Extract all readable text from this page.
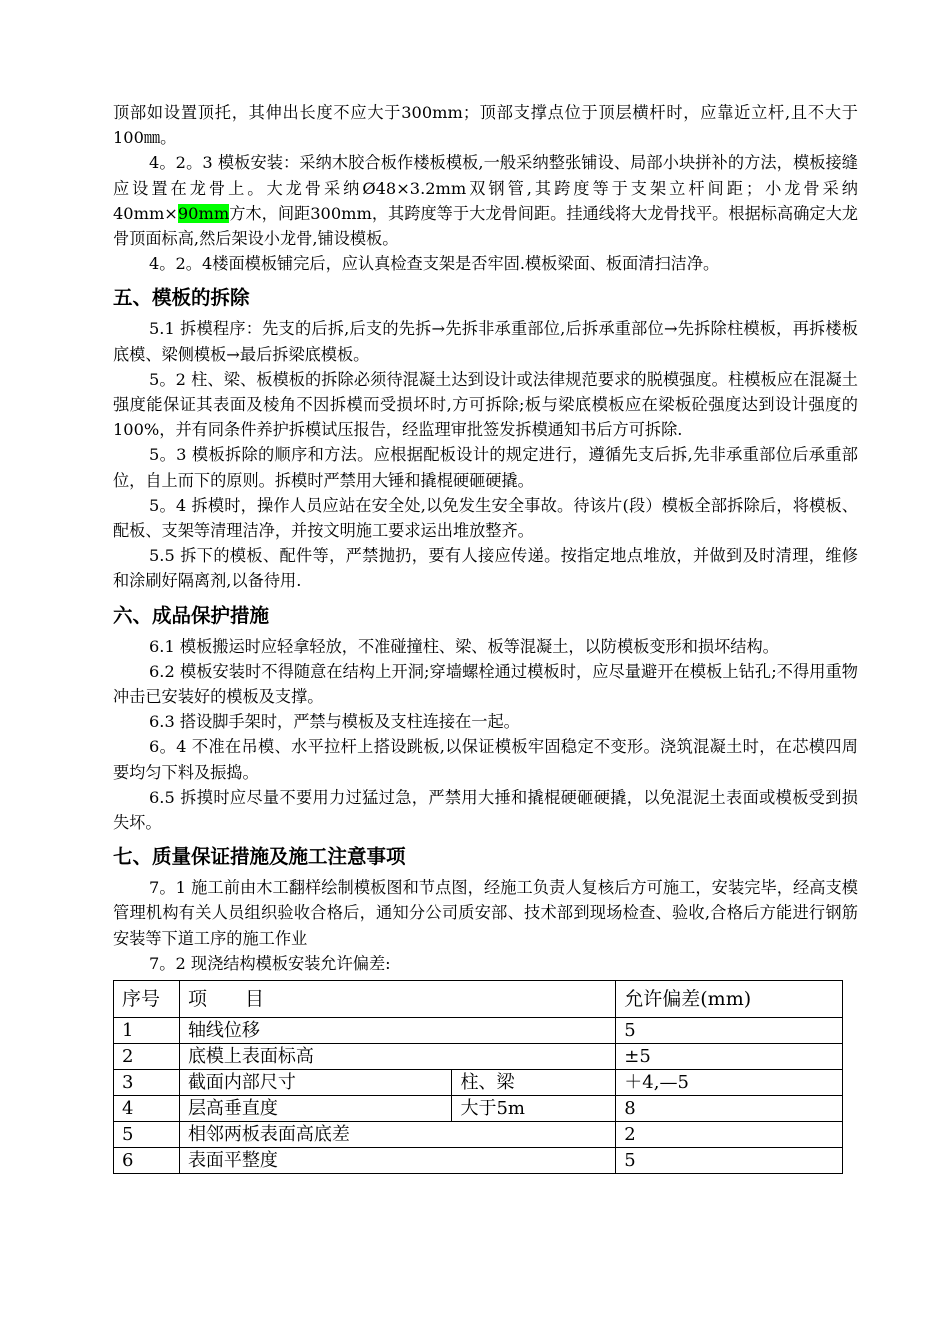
顶部如设置顶托，其伸出长度不应大于300mm；顶部支撑点位于顶层横杆时，应靠近立杆,且不大于100㎜。

4。2。3 模板安装：采纳木胶合板作楼板模板,一般采纳整张铺设、局部小块拼补的方法，模板接缝应设置在龙骨上。大龙骨采纳Ø48×3.2mm双钢管,其跨度等于支架立杆间距；小龙骨采纳40mm×90mm方木，间距300mm，其跨度等于大龙骨间距。挂通线将大龙骨找平。根据标高确定大龙骨顶面标高,然后架设小龙骨,铺设模板。

4。2。4楼面模板铺完后，应认真检查支架是否牢固.模板梁面、板面清扫洁净。

五、模板的拆除

5.1 拆模程序：先支的后拆,后支的先拆→先拆非承重部位,后拆承重部位→先拆除柱模板，再拆楼板底模、梁侧模板→最后拆梁底模板。

5。2 柱、梁、板模板的拆除必须待混凝土达到设计或法律规范要求的脱模强度。柱模板应在混凝土强度能保证其表面及棱角不因拆模而受损坏时,方可拆除;板与梁底模板应在梁板砼强度达到设计强度的100%，并有同条件养护拆模试压报告，经监理审批签发拆模通知书后方可拆除.

5。3 模板拆除的顺序和方法。应根据配板设计的规定进行，遵循先支后拆,先非承重部位后承重部位，自上而下的原则。拆模时严禁用大锤和撬棍硬砸硬撬。

5。4 拆模时，操作人员应站在安全处,以免发生安全事故。待该片(段）模板全部拆除后，将模板、配板、支架等清理洁净，并按文明施工要求运出堆放整齐。

5.5 拆下的模板、配件等，严禁抛扔，要有人接应传递。按指定地点堆放，并做到及时清理，维修和涂刷好隔离剂,以备待用.

六、成品保护措施

6.1 模板搬运时应轻拿轻放，不准碰撞柱、梁、板等混凝土，以防模板变形和损坏结构。

6.2 模板安装时不得随意在结构上开洞;穿墙螺栓通过模板时，应尽量避开在模板上钻孔;不得用重物冲击已安装好的模板及支撑。

6.3 搭设脚手架时，严禁与模板及支柱连接在一起。

6。4 不准在吊模、水平拉杆上搭设跳板,以保证模板牢固稳定不变形。浇筑混凝土时，在芯模四周要均匀下料及振捣。

6.5 拆摸时应尽量不要用力过猛过急，严禁用大捶和撬棍硬砸硬撬，以免混泥土表面或模板受到损失坏。

七、质量保证措施及施工注意事项

7。1 施工前由木工翻样绘制模板图和节点图，经施工负责人复核后方可施工，安装完毕，经高支模管理机构有关人员组织验收合格后，通知分公司质安部、技术部到现场检查、验收,合格后方能进行钢筋安装等下道工序的施工作业

7。2 现浇结构模板安装允许偏差:

序号	项　　目		允许偏差(mm)
1	轴线位移		5
2	底模上表面标高		±5
3	截面内部尺寸	柱、梁	＋4,—5
4	层高垂直度	大于5m	8
5	相邻两板表面高底差		2
6	表面平整度		5
